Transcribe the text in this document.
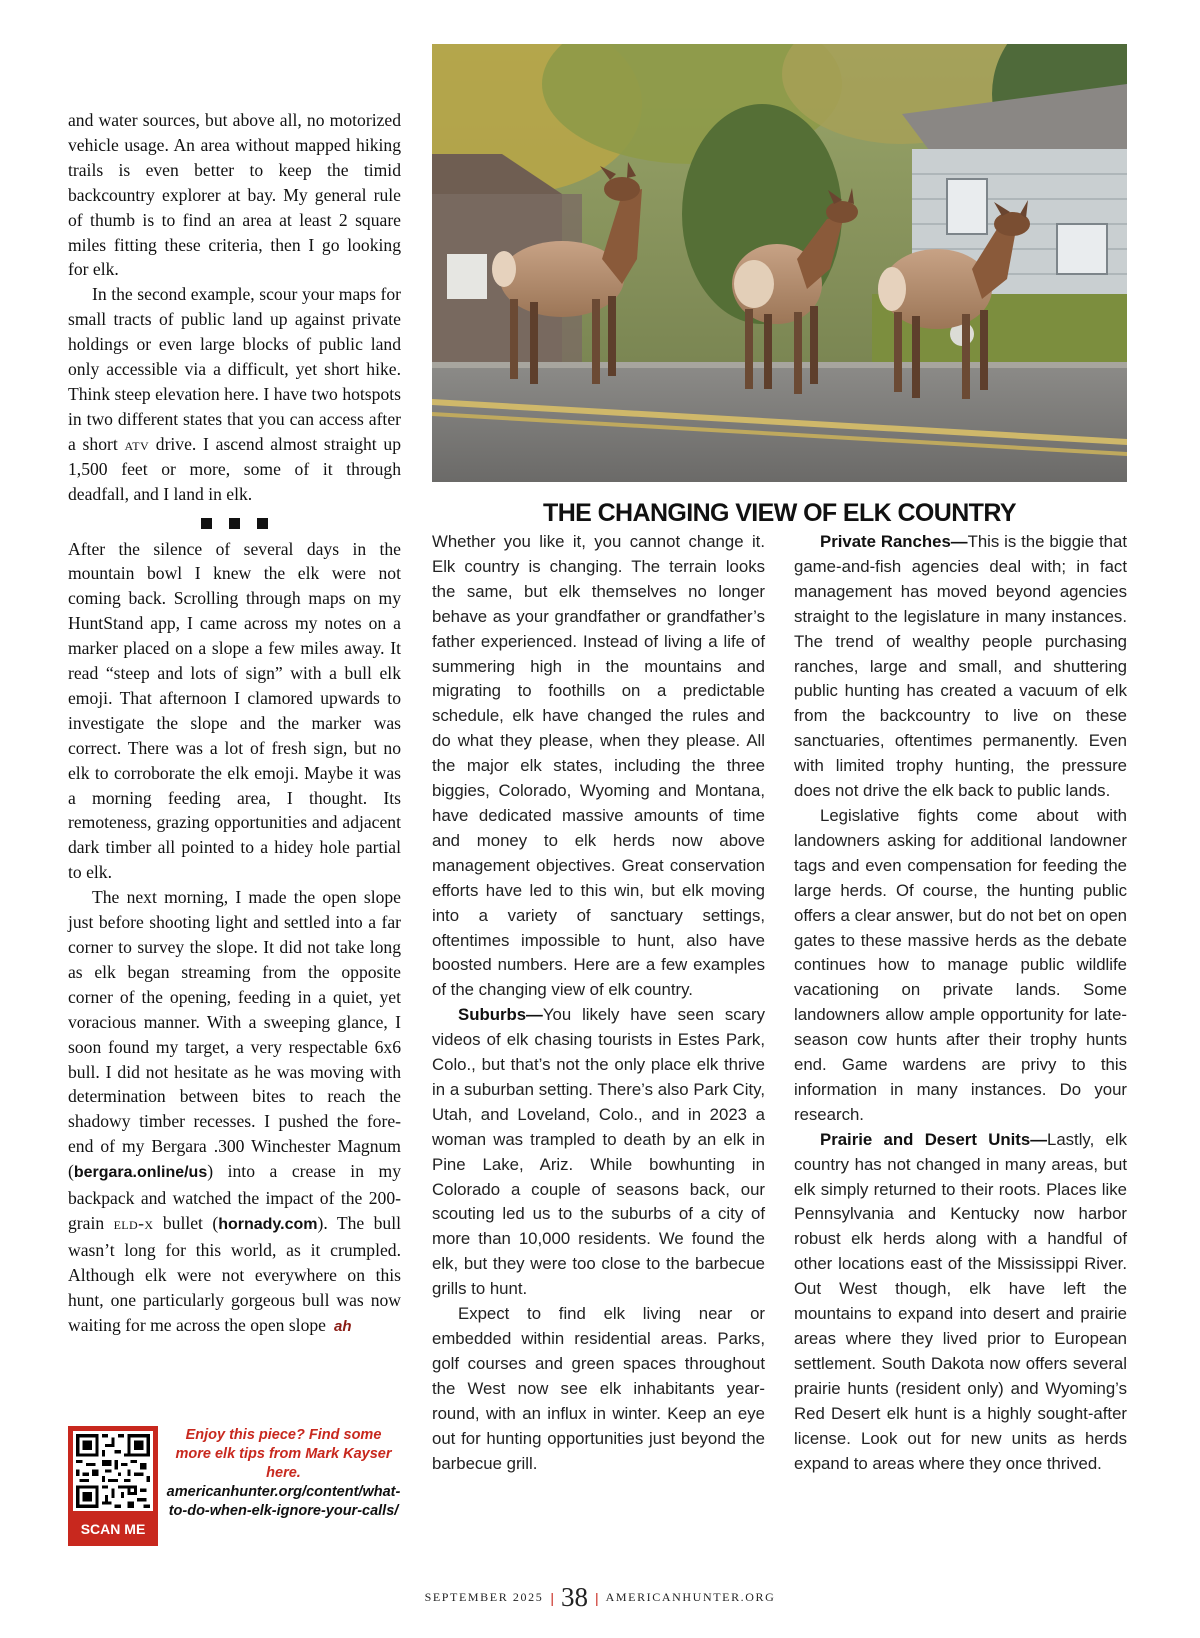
and water sources, but above all, no motorized vehicle usage. An area without mapped hiking trails is even better to keep the timid backcountry explorer at bay. My general rule of thumb is to find an area at least 2 square miles fitting these criteria, then I go looking for elk.

In the second example, scour your maps for small tracts of public land up against private holdings or even large blocks of public land only accessible via a difficult, yet short hike. Think steep elevation here. I have two hotspots in two different states that you can access after a short atv drive. I ascend almost straight up 1,500 feet or more, some of it through deadfall, and I land in elk.

After the silence of several days in the mountain bowl I knew the elk were not coming back. Scrolling through maps on my HuntStand app, I came across my notes on a marker placed on a slope a few miles away. It read “steep and lots of sign” with a bull elk emoji. That afternoon I clamored upwards to investigate the slope and the marker was correct. There was a lot of fresh sign, but no elk to corroborate the elk emoji. Maybe it was a morning feeding area, I thought. Its remoteness, grazing opportunities and adjacent dark timber all pointed to a hidey hole partial to elk.

The next morning, I made the open slope just before shooting light and settled into a far corner to survey the slope. It did not take long as elk began streaming from the opposite corner of the opening, feeding in a quiet, yet voracious manner. With a sweeping glance, I soon found my target, a very respectable 6x6 bull. I did not hesitate as he was moving with determination between bites to reach the shadowy timber recesses. I pushed the fore-end of my Bergara .300 Winchester Magnum (bergara.online/us) into a crease in my backpack and watched the impact of the 200-grain eld-x bullet (hornady.com). The bull wasn’t long for this world, as it crumpled. Although elk were not everywhere on this hunt, one particularly gorgeous bull was now waiting for me across the open slope ah

SCAN ME
Enjoy this piece? Find some more elk tips from Mark Kayser here.
americanhunter.org/content/what-to-do-when-elk-ignore-your-calls/
THE CHANGING VIEW OF ELK COUNTRY

Whether you like it, you cannot change it. Elk country is changing. The terrain looks the same, but elk themselves no longer behave as your grandfather or grandfather’s father experienced. Instead of living a life of summering high in the mountains and migrating to foothills on a predictable schedule, elk have changed the rules and do what they please, when they please. All the major elk states, including the three biggies, Colorado, Wyoming and Montana, have dedicated massive amounts of time and money to elk herds now above management objectives. Great conservation efforts have led to this win, but elk moving into a variety of sanctuary settings, oftentimes impossible to hunt, also have boosted numbers. Here are a few examples of the changing view of elk country.

Suburbs—You likely have seen scary videos of elk chasing tourists in Estes Park, Colo., but that’s not the only place elk thrive in a suburban setting. There’s also Park City, Utah, and Loveland, Colo., and in 2023 a woman was trampled to death by an elk in Pine Lake, Ariz. While bowhunting in Colorado a couple of seasons back, our scouting led us to the suburbs of a city of more than 10,000 residents. We found the elk, but they were too close to the barbecue grills to hunt.

Expect to find elk living near or embedded within residential areas. Parks, golf courses and green spaces throughout the West now see elk inhabitants year-round, with an influx in winter. Keep an eye out for hunting opportunities just beyond the barbecue grill.

Private Ranches—This is the biggie that game-and-fish agencies deal with; in fact management has moved beyond agencies straight to the legislature in many instances. The trend of wealthy people purchasing ranches, large and small, and shuttering public hunting has created a vacuum of elk from the backcountry to live on these sanctuaries, oftentimes permanently. Even with limited trophy hunting, the pressure does not drive the elk back to public lands.

Legislative fights come about with landowners asking for additional landowner tags and even compensation for feeding the large herds. Of course, the hunting public offers a clear answer, but do not bet on open gates to these massive herds as the debate continues how to manage public wildlife vacationing on private lands. Some landowners allow ample opportunity for late-season cow hunts after their trophy hunts end. Game wardens are privy to this information in many instances. Do your research.

Prairie and Desert Units—Lastly, elk country has not changed in many areas, but elk simply returned to their roots. Places like Pennsylvania and Kentucky now harbor robust elk herds along with a handful of other locations east of the Mississippi River. Out West though, elk have left the mountains to expand into desert and prairie areas where they lived prior to European settlement. South Dakota now offers several prairie hunts (resident only) and Wyoming’s Red Desert elk hunt is a highly sought-after license. Look out for new units as herds expand to areas where they once thrived.

SEPTEMBER 2025 | 38 | AMERICANHUNTER.ORG
